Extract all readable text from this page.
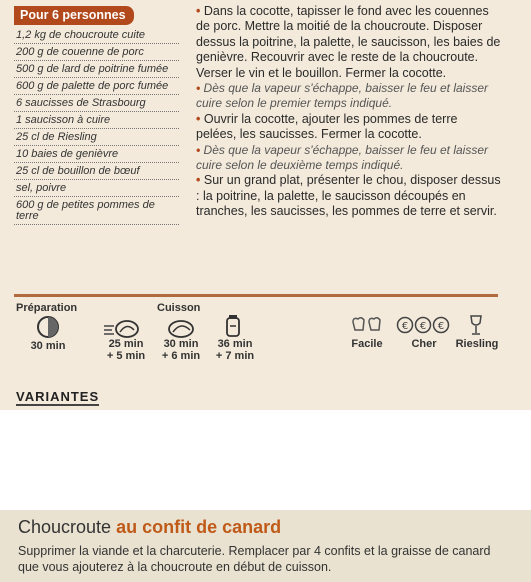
Pour 6 personnes
1,2 kg de choucroute cuite
200 g de couenne de porc
500 g de lard de poitrine fumée
600 g de palette de porc fumée
6 saucisses de Strasbourg
1 saucisson à cuire
25 cl de Riesling
10 baies de genièvre
25 cl de bouillon de bœuf
sel, poivre
600 g de petites pommes de terre

• Dans la cocotte, tapisser le fond avec les couennes de porc. Mettre la moitié de la choucroute. Disposer dessus la poitrine, la palette, le saucisson, les baies de genièvre. Recouvrir avec le reste de la choucroute. Verser le vin et le bouillon. Fermer la cocotte.

• Dès que la vapeur s'échappe, baisser le feu et laisser cuire selon le premier temps indiqué.

• Ouvrir la cocotte, ajouter les pommes de terre pelées, les saucisses. Fermer la cocotte.

• Dès que la vapeur s'échappe, baisser le feu et laisser cuire selon le deuxième temps indiqué.

• Sur un grand plat, présenter le chou, disposer dessus : la poitrine, la palette, le saucisson découpés en tranches, les saucisses, les pommes de terre et servir.

Préparation
30 min
Cuisson
25 min
+ 5 min
30 min
+ 6 min
36 min
+ 7 min
Facile
€ € €
Cher	Riesling
VARIANTES
Choucroute au confit de canard
Supprimer la viande et la charcuterie. Remplacer par 4 confits et la graisse de canard que vous ajouterez à la choucroute en début de cuisson.
